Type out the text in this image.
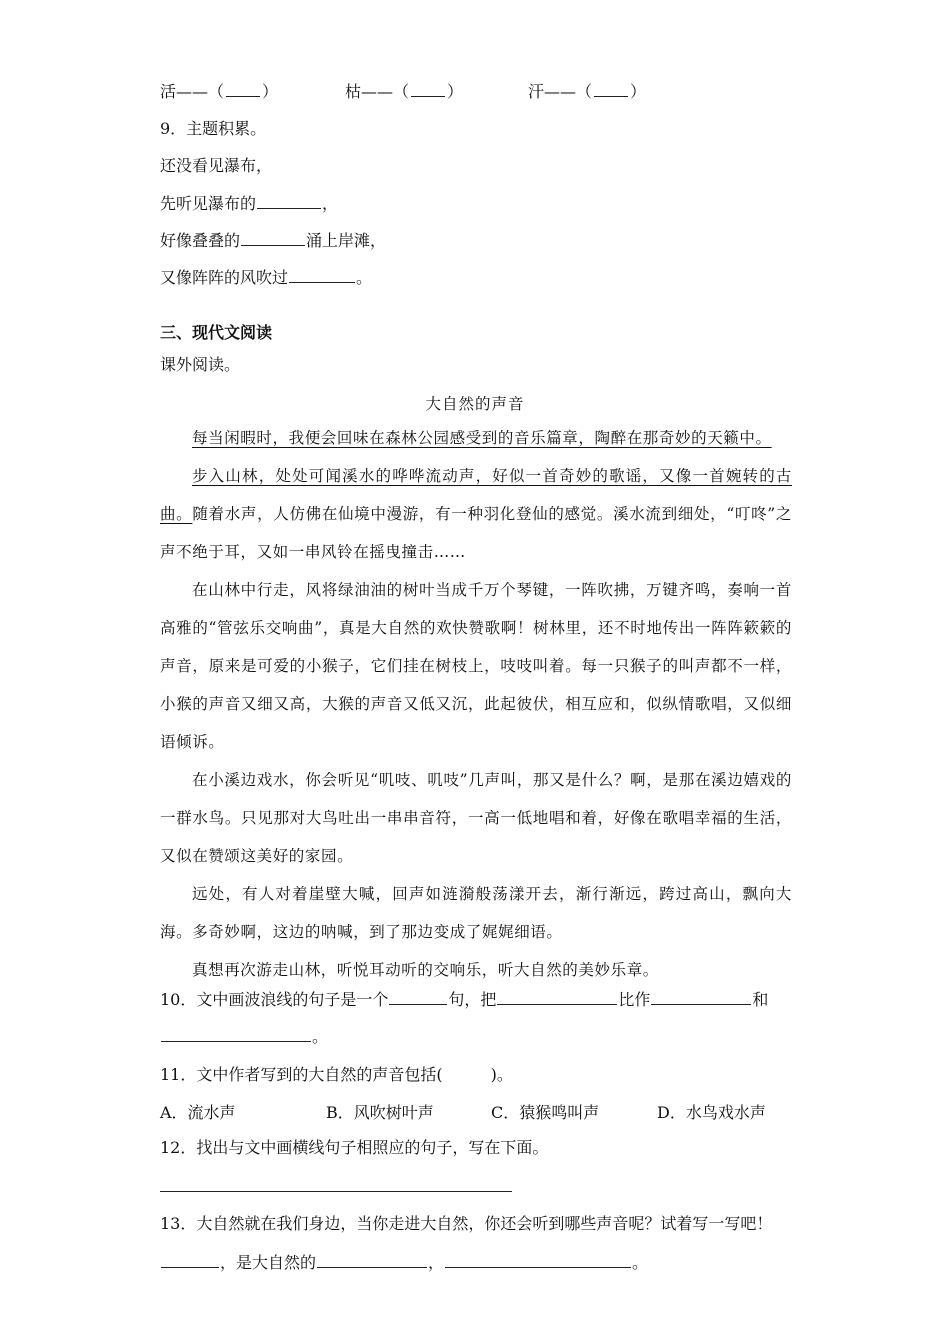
活——（ ）	枯——（ ）	汗——（ ）
9．主题积累。
还没看见瀑布，
先听见瀑布的	，
好像叠叠的	涌上岸滩，
又像阵阵的风吹过	。
三、现代文阅读
课外阅读。
大自然的声音

每当闲暇时，我便会回味在森林公园感受到的音乐篇章，陶醉在那奇妙的天籁中。

步入山林，处处可闻溪水的哗哗流动声，好似一首奇妙的歌谣，又像一首婉转的古曲。随着水声，人仿佛在仙境中漫游，有一种羽化登仙的感觉。溪水流到细处，“叮咚”之声不绝于耳，又如一串风铃在摇曳撞击……

在山林中行走，风将绿油油的树叶当成千万个琴键，一阵吹拂，万键齐鸣，奏响一首高雅的“管弦乐交响曲”，真是大自然的欢快赞歌啊！树林里，还不时地传出一阵阵簌簌的声音，原来是可爱的小猴子，它们挂在树枝上，吱吱叫着。每一只猴子的叫声都不一样，小猴的声音又细又高，大猴的声音又低又沉，此起彼伏，相互应和，似纵情歌唱，又似细语倾诉。

在小溪边戏水，你会听见“叽吱、叽吱”几声叫，那又是什么？啊，是那在溪边嬉戏的一群水鸟。只见那对大鸟吐出一串串音符，一高一低地唱和着，好像在歌唱幸福的生活，又似在赞颂这美好的家园。

远处，有人对着崖壁大喊，回声如涟漪般荡漾开去，渐行渐远，跨过高山，飘向大海。多奇妙啊，这边的呐喊，到了那边变成了娓娓细语。

真想再次游走山林，听悦耳动听的交响乐，听大自然的美妙乐章。

10．文中画波浪线的句子是一个	句，把	比作	和
。
11．文中作者写到的大自然的声音包括(	)。
A．流水声	B．风吹树叶声	C．猿猴鸣叫声	D．水鸟戏水声
12．找出与文中画横线句子相照应的句子，写在下面。
13．大自然就在我们身边，当你走进大自然，你还会听到哪些声音呢？试着写一写吧！
，是大自然的	，	。
